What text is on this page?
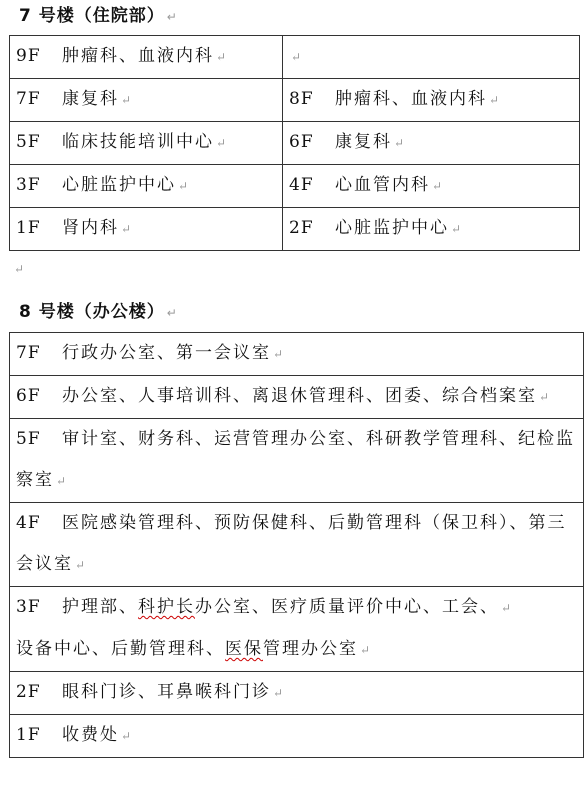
7 号楼（住院部） ↵
9F 肿瘤科、血液内科 ↵	↵
7F 康复科 ↵	8F 肿瘤科、血液内科 ↵
5F 临床技能培训中心 ↵	6F 康复科 ↵
3F 心脏监护中心 ↵	4F 心血管内科 ↵
1F 肾内科 ↵	2F 心脏监护中心 ↵
↵
8 号楼（办公楼） ↵
7F 行政办公室、第一会议室 ↵
6F 办公室、人事培训科、离退休管理科、团委、综合档案室 ↵
5F 审计室、财务科、运营管理办公室、科研教学管理科、纪检监察室 ↵
4F 医院感染管理科、预防保健科、后勤管理科（保卫科）、第三会议室 ↵
3F 护理部、科护长办公室、医疗质量评价中心、工会、 ↵
设备中心、后勤管理科、医保管理办公室 ↵
2F 眼科门诊、耳鼻喉科门诊 ↵
1F 收费处 ↵
